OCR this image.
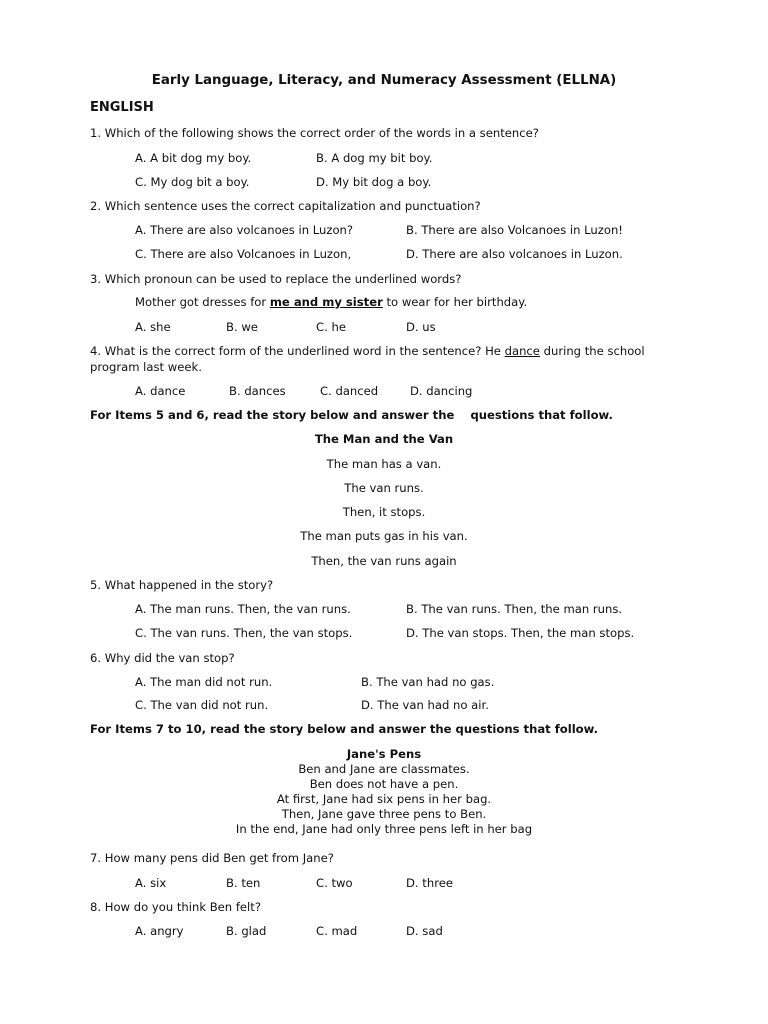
Early Language, Literacy, and Numeracy Assessment (ELLNA)
ENGLISH
1. Which of the following shows the correct order of the words in a sentence?
A. A bit dog my boy.	B. A dog my bit boy.
C. My dog bit a boy.	D. My bit dog a boy.
2. Which sentence uses the correct capitalization and punctuation?
A. There are also volcanoes in Luzon?	B. There are also Volcanoes in Luzon!
C. There are also Volcanoes in Luzon,	D. There are also volcanoes in Luzon.
3. Which pronoun can be used to replace the underlined words?
Mother got dresses for me and my sister to wear for her birthday.
A. she	B. we	C. he	D. us
4. What is the correct form of the underlined word in the sentence? He dance during the school
program last week.
A. dance	B. dances	C. danced	D. dancing
For Items 5 and 6, read the story below and answer the    questions that follow.
The Man and the Van
The man has a van.
The van runs.
Then, it stops.
The man puts gas in his van.
Then, the van runs again
5. What happened in the story?
A. The man runs. Then, the van runs.	B. The van runs. Then, the man runs.
C. The van runs. Then, the van stops.	D. The van stops. Then, the man stops.
6. Why did the van stop?
A. The man did not run.	B. The van had no gas.
C. The van did not run.	D. The van had no air.
For Items 7 to 10, read the story below and answer the questions that follow.
Jane's Pens
Ben and Jane are classmates.
Ben does not have a pen.
At first, Jane had six pens in her bag.
Then, Jane gave three pens to Ben.
In the end, Jane had only three pens left in her bag
7. How many pens did Ben get from Jane?
A. six	B. ten	C. two	D. three
8. How do you think Ben felt?
A. angry	B. glad	C. mad	D. sad
